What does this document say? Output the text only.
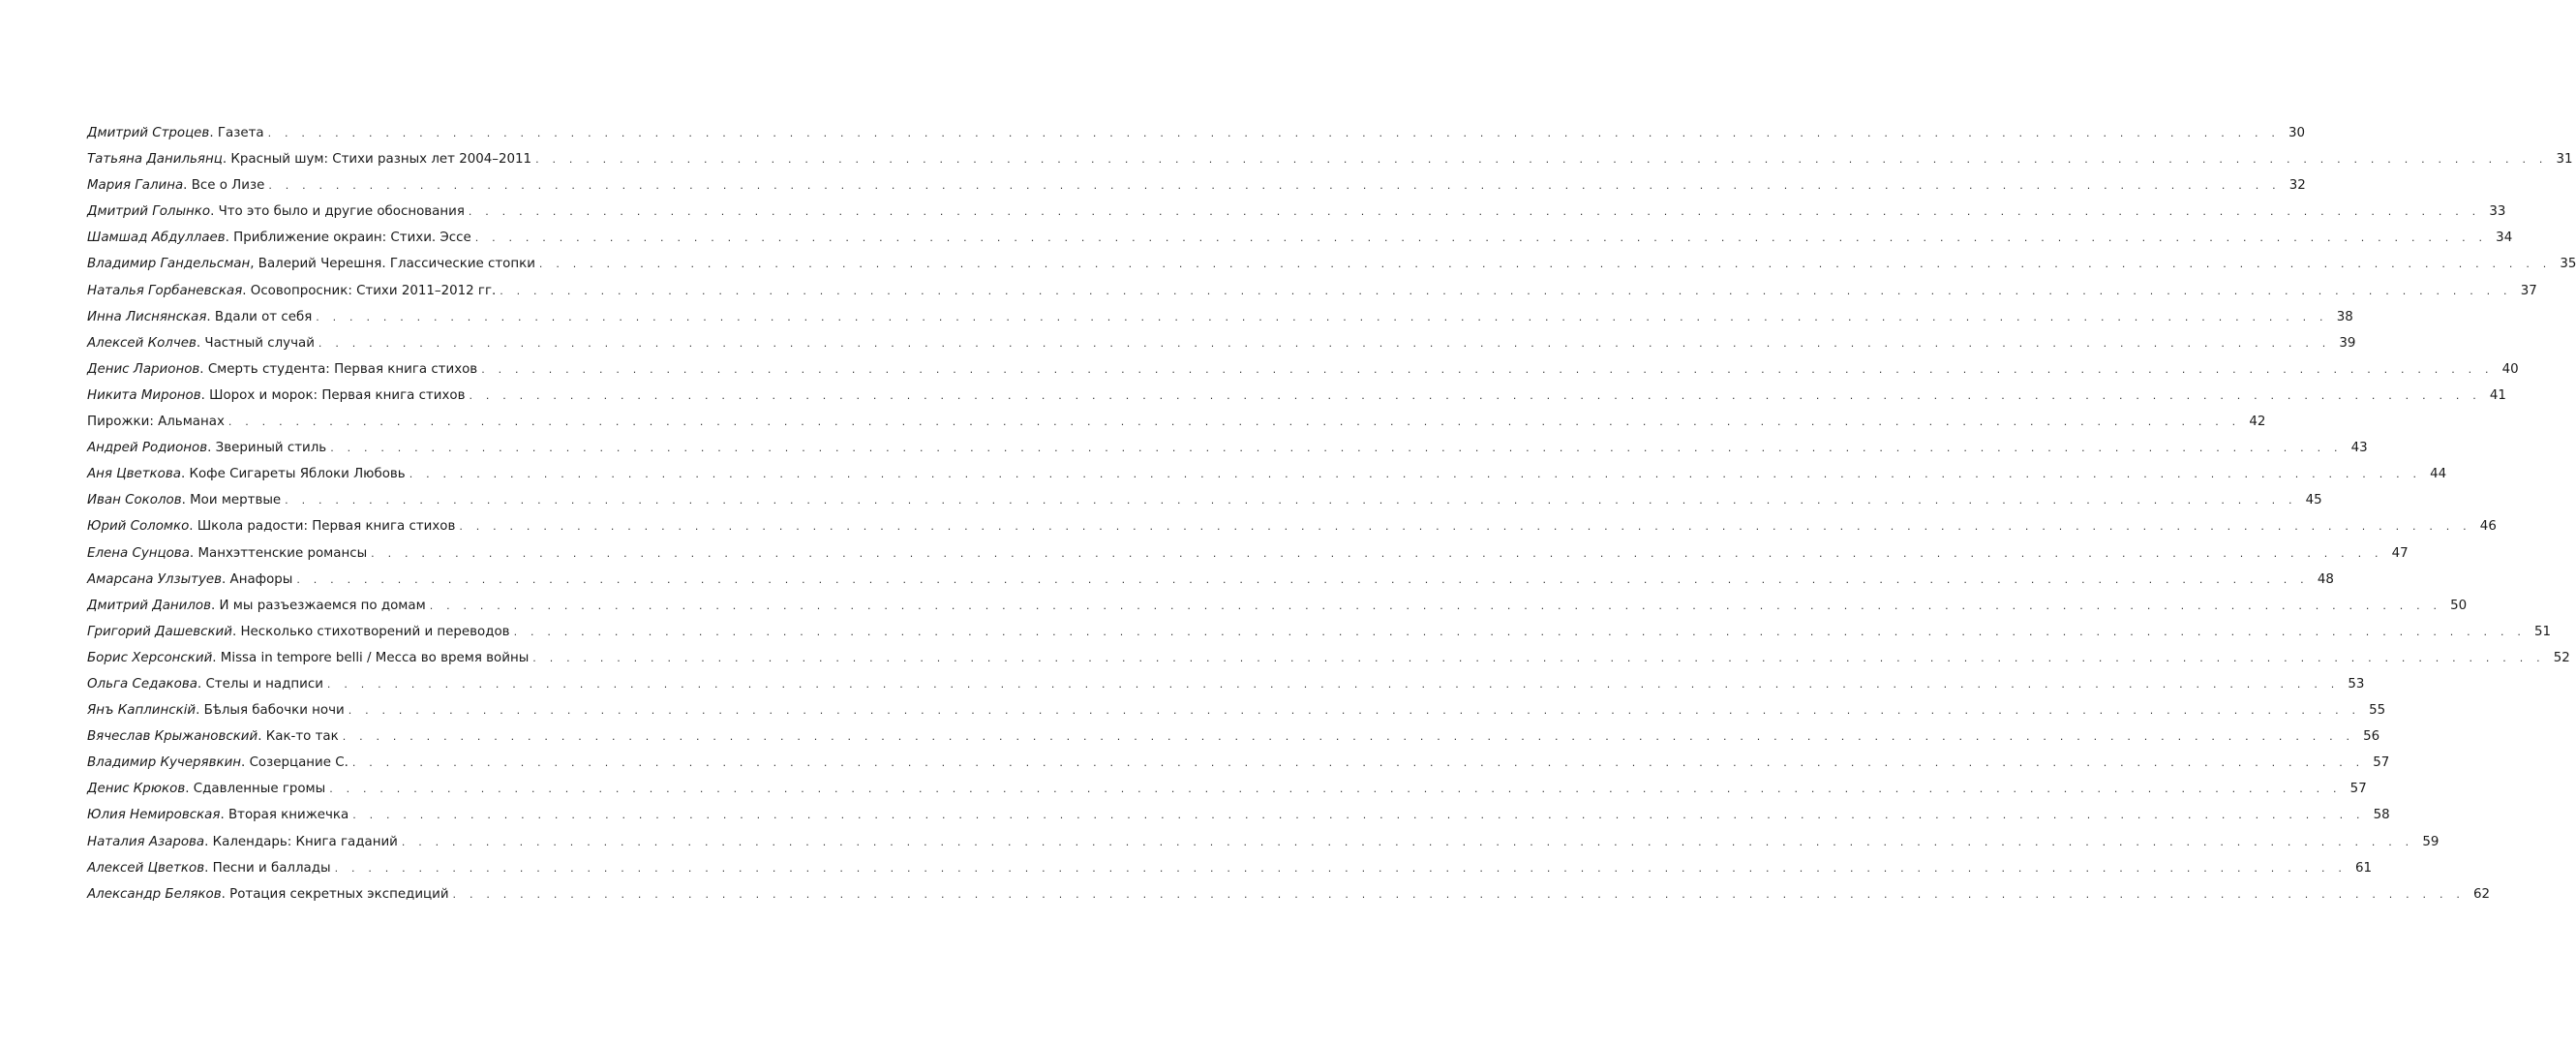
Дмитрий Строцев. Газета . . . . . . . . . . . . . . . . . . . . . . . . . . . . . . . . . . . . . . . . . . . . . . . . . . . . . . . . . . . . . . . . . . . . . . . . . . . . . . . . . . . . . . . . . . . . . . . . . . . . . . . . . . . . . . . . . . . . . . . . 30
Татьяна Данильянц. Красный шум: Стихи разных лет 2004–2011 . . . . . . . . . . . . . . . . . . . . . . . . . . . . . . . . . . . . . . . . . . . . . . . . . . . . . . . . . . . . . . . . . . . . . . . . . . . . . . . . . . . . . . . . . . . . . . . . . . . . . . . . . . . . . . . . . . . . . . . . 31
Мария Галина. Все о Лизе . . . . . . . . . . . . . . . . . . . . . . . . . . . . . . . . . . . . . . . . . . . . . . . . . . . . . . . . . . . . . . . . . . . . . . . . . . . . . . . . . . . . . . . . . . . . . . . . . . . . . . . . . . . . . . . . . . . . . . . . 32
Дмитрий Голынко. Что это было и другие обоснования . . . . . . . . . . . . . . . . . . . . . . . . . . . . . . . . . . . . . . . . . . . . . . . . . . . . . . . . . . . . . . . . . . . . . . . . . . . . . . . . . . . . . . . . . . . . . . . . . . . . . . . . . . . . . . . . . . . . . . . . 33
Шамшад Абдуллаев. Приближение окраин: Стихи. Эссе . . . . . . . . . . . . . . . . . . . . . . . . . . . . . . . . . . . . . . . . . . . . . . . . . . . . . . . . . . . . . . . . . . . . . . . . . . . . . . . . . . . . . . . . . . . . . . . . . . . . . . . . . . . . . . . . . . . . . . . . 34
Владимир Гандельсман, Валерий Черешня. Глассические стопки . . . . . . . . . . . . . . . . . . . . . . . . . . . . . . . . . . . . . . . . . . . . . . . . . . . . . . . . . . . . . . . . . . . . . . . . . . . . . . . . . . . . . . . . . . . . . . . . . . . . . . . . . . . . . . . . . . . . . . . . 35
Наталья Горбаневская. Осовопросник: Стихи 2011–2012 гг. . . . . . . . . . . . . . . . . . . . . . . . . . . . . . . . . . . . . . . . . . . . . . . . . . . . . . . . . . . . . . . . . . . . . . . . . . . . . . . . . . . . . . . . . . . . . . . . . . . . . . . . . . . . . . . . . . . . . . . . . 37
Инна Лиснянская. Вдали от себя . . . . . . . . . . . . . . . . . . . . . . . . . . . . . . . . . . . . . . . . . . . . . . . . . . . . . . . . . . . . . . . . . . . . . . . . . . . . . . . . . . . . . . . . . . . . . . . . . . . . . . . . . . . . . . . . . . . . . . . . 38
Алексей Колчев. Частный случай . . . . . . . . . . . . . . . . . . . . . . . . . . . . . . . . . . . . . . . . . . . . . . . . . . . . . . . . . . . . . . . . . . . . . . . . . . . . . . . . . . . . . . . . . . . . . . . . . . . . . . . . . . . . . . . . . . . . . . . . 39
Денис Ларионов. Смерть студента: Первая книга стихов . . . . . . . . . . . . . . . . . . . . . . . . . . . . . . . . . . . . . . . . . . . . . . . . . . . . . . . . . . . . . . . . . . . . . . . . . . . . . . . . . . . . . . . . . . . . . . . . . . . . . . . . . . . . . . . . . . . . . . . . 40
Никита Миронов. Шорох и морок: Первая книга стихов . . . . . . . . . . . . . . . . . . . . . . . . . . . . . . . . . . . . . . . . . . . . . . . . . . . . . . . . . . . . . . . . . . . . . . . . . . . . . . . . . . . . . . . . . . . . . . . . . . . . . . . . . . . . . . . . . . . . . . . . 41
Пирожки: Альманах . . . . . . . . . . . . . . . . . . . . . . . . . . . . . . . . . . . . . . . . . . . . . . . . . . . . . . . . . . . . . . . . . . . . . . . . . . . . . . . . . . . . . . . . . . . . . . . . . . . . . . . . . . . . . . . . . . . . . . . . 42
Андрей Родионов. Звериный стиль . . . . . . . . . . . . . . . . . . . . . . . . . . . . . . . . . . . . . . . . . . . . . . . . . . . . . . . . . . . . . . . . . . . . . . . . . . . . . . . . . . . . . . . . . . . . . . . . . . . . . . . . . . . . . . . . . . . . . . . . 43
Аня Цветкова. Кофе Сигареты Яблоки Любовь . . . . . . . . . . . . . . . . . . . . . . . . . . . . . . . . . . . . . . . . . . . . . . . . . . . . . . . . . . . . . . . . . . . . . . . . . . . . . . . . . . . . . . . . . . . . . . . . . . . . . . . . . . . . . . . . . . . . . . . . 44
Иван Соколов. Мои мертвые . . . . . . . . . . . . . . . . . . . . . . . . . . . . . . . . . . . . . . . . . . . . . . . . . . . . . . . . . . . . . . . . . . . . . . . . . . . . . . . . . . . . . . . . . . . . . . . . . . . . . . . . . . . . . . . . . . . . . . . . 45
Юрий Соломко. Школа радости: Первая книга стихов . . . . . . . . . . . . . . . . . . . . . . . . . . . . . . . . . . . . . . . . . . . . . . . . . . . . . . . . . . . . . . . . . . . . . . . . . . . . . . . . . . . . . . . . . . . . . . . . . . . . . . . . . . . . . . . . . . . . . . . . 46
Елена Сунцова. Манхэттенские романсы . . . . . . . . . . . . . . . . . . . . . . . . . . . . . . . . . . . . . . . . . . . . . . . . . . . . . . . . . . . . . . . . . . . . . . . . . . . . . . . . . . . . . . . . . . . . . . . . . . . . . . . . . . . . . . . . . . . . . . . . 47
Амарсана Улзытуев. Анафоры . . . . . . . . . . . . . . . . . . . . . . . . . . . . . . . . . . . . . . . . . . . . . . . . . . . . . . . . . . . . . . . . . . . . . . . . . . . . . . . . . . . . . . . . . . . . . . . . . . . . . . . . . . . . . . . . . . . . . . . . 48
Дмитрий Данилов. И мы разъезжаемся по домам . . . . . . . . . . . . . . . . . . . . . . . . . . . . . . . . . . . . . . . . . . . . . . . . . . . . . . . . . . . . . . . . . . . . . . . . . . . . . . . . . . . . . . . . . . . . . . . . . . . . . . . . . . . . . . . . . . . . . . . . 50
Григорий Дашевский. Несколько стихотворений и переводов . . . . . . . . . . . . . . . . . . . . . . . . . . . . . . . . . . . . . . . . . . . . . . . . . . . . . . . . . . . . . . . . . . . . . . . . . . . . . . . . . . . . . . . . . . . . . . . . . . . . . . . . . . . . . . . . . . . . . . . . 51
Борис Херсонский. Missa in tempore belli / Месса во время войны . . . . . . . . . . . . . . . . . . . . . . . . . . . . . . . . . . . . . . . . . . . . . . . . . . . . . . . . . . . . . . . . . . . . . . . . . . . . . . . . . . . . . . . . . . . . . . . . . . . . . . . . . . . . . . . . . . . . . . . . 52
Ольга Седакова. Стелы и надписи . . . . . . . . . . . . . . . . . . . . . . . . . . . . . . . . . . . . . . . . . . . . . . . . . . . . . . . . . . . . . . . . . . . . . . . . . . . . . . . . . . . . . . . . . . . . . . . . . . . . . . . . . . . . . . . . . . . . . . . . 53
Янъ Каплинскiй. Бѣлыя бабочки ночи . . . . . . . . . . . . . . . . . . . . . . . . . . . . . . . . . . . . . . . . . . . . . . . . . . . . . . . . . . . . . . . . . . . . . . . . . . . . . . . . . . . . . . . . . . . . . . . . . . . . . . . . . . . . . . . . . . . . . . . . 55
Вячеслав Крыжановский. Как-то так . . . . . . . . . . . . . . . . . . . . . . . . . . . . . . . . . . . . . . . . . . . . . . . . . . . . . . . . . . . . . . . . . . . . . . . . . . . . . . . . . . . . . . . . . . . . . . . . . . . . . . . . . . . . . . . . . . . . . . . . 56
Владимир Кучерявкин. Созерцание С. . . . . . . . . . . . . . . . . . . . . . . . . . . . . . . . . . . . . . . . . . . . . . . . . . . . . . . . . . . . . . . . . . . . . . . . . . . . . . . . . . . . . . . . . . . . . . . . . . . . . . . . . . . . . . . . . . . . . . . . . 57
Денис Крюков. Сдавленные громы . . . . . . . . . . . . . . . . . . . . . . . . . . . . . . . . . . . . . . . . . . . . . . . . . . . . . . . . . . . . . . . . . . . . . . . . . . . . . . . . . . . . . . . . . . . . . . . . . . . . . . . . . . . . . . . . . . . . . . . . 57
Юлия Немировская. Вторая книжечка . . . . . . . . . . . . . . . . . . . . . . . . . . . . . . . . . . . . . . . . . . . . . . . . . . . . . . . . . . . . . . . . . . . . . . . . . . . . . . . . . . . . . . . . . . . . . . . . . . . . . . . . . . . . . . . . . . . . . . . . 58
Наталия Азарова. Календарь: Книга гаданий . . . . . . . . . . . . . . . . . . . . . . . . . . . . . . . . . . . . . . . . . . . . . . . . . . . . . . . . . . . . . . . . . . . . . . . . . . . . . . . . . . . . . . . . . . . . . . . . . . . . . . . . . . . . . . . . . . . . . . . . 59
Алексей Цветков. Песни и баллады . . . . . . . . . . . . . . . . . . . . . . . . . . . . . . . . . . . . . . . . . . . . . . . . . . . . . . . . . . . . . . . . . . . . . . . . . . . . . . . . . . . . . . . . . . . . . . . . . . . . . . . . . . . . . . . . . . . . . . . . 61
Александр Беляков. Ротация секретных экспедиций . . . . . . . . . . . . . . . . . . . . . . . . . . . . . . . . . . . . . . . . . . . . . . . . . . . . . . . . . . . . . . . . . . . . . . . . . . . . . . . . . . . . . . . . . . . . . . . . . . . . . . . . . . . . . . . . . . . . . . . . 62
